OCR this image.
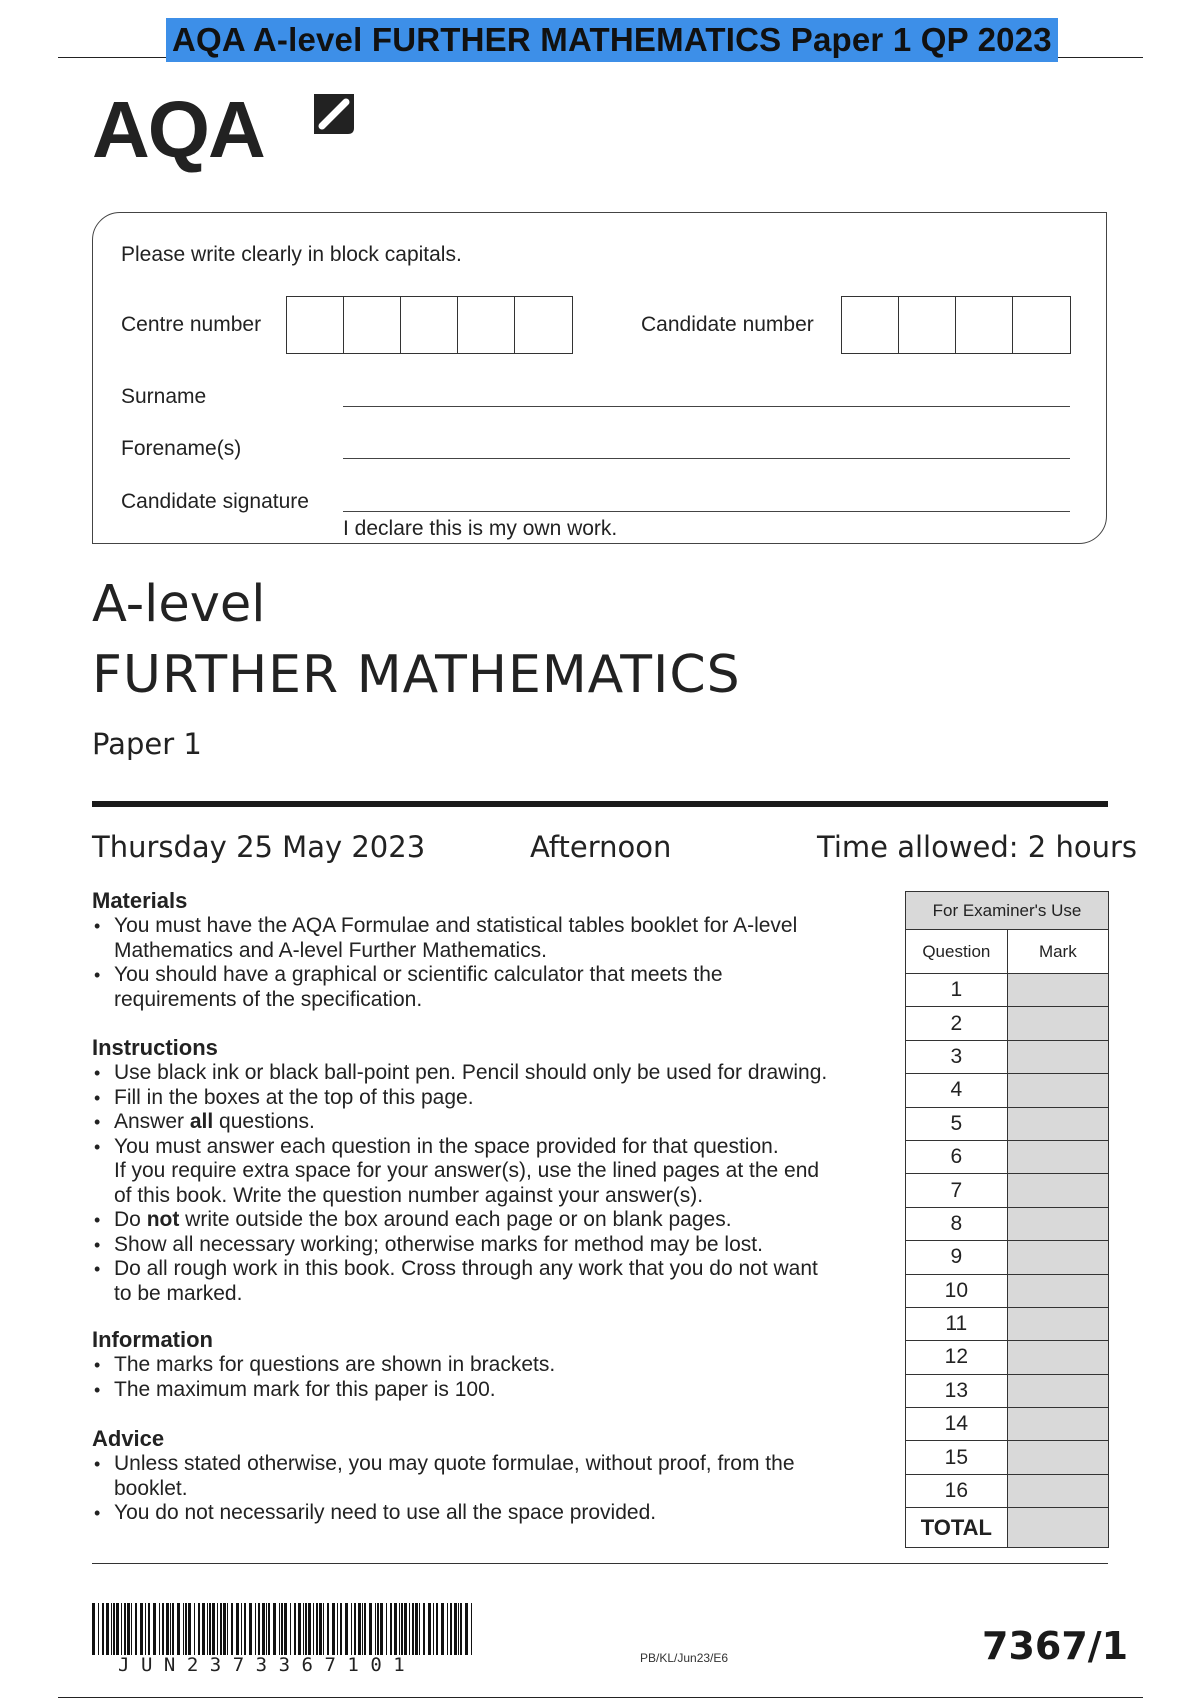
AQA A-level FURTHER MATHEMATICS Paper 1 QP 2023
AQA
Please write clearly in block capitals.
Centre number	Candidate number
Surname
Forename(s)
Candidate signature
I declare this is my own work.
A-level
FURTHER MATHEMATICS
Paper 1
Thursday 25 May 2023	Afternoon	Time allowed: 2 hours
Materials
• You must have the AQA Formulae and statistical tables booklet for A-level
Mathematics and A-level Further Mathematics.
• You should have a graphical or scientific calculator that meets the
requirements of the specification.
Instructions
• Use black ink or black ball-point pen. Pencil should only be used for drawing.
• Fill in the boxes at the top of this page.
• Answer all questions.
• You must answer each question in the space provided for that question.
If you require extra space for your answer(s), use the lined pages at the end
of this book. Write the question number against your answer(s).
• Do not write outside the box around each page or on blank pages.
• Show all necessary working; otherwise marks for method may be lost.
• Do all rough work in this book. Cross through any work that you do not want
to be marked.
Information
• The marks for questions are shown in brackets.
• The maximum mark for this paper is 100.
Advice
• Unless stated otherwise, you may quote formulae, without proof, from the
booklet.
• You do not necessarily need to use all the space provided.
For Examiner's Use	
Question	Mark
1	
2	
3	
4	
5	
6	
7	
8	
9	
10	
11	
12	
13	
14	
15	
16	
TOTAL	
JUN2373367101	PB/KL/Jun23/E6	7367/1
